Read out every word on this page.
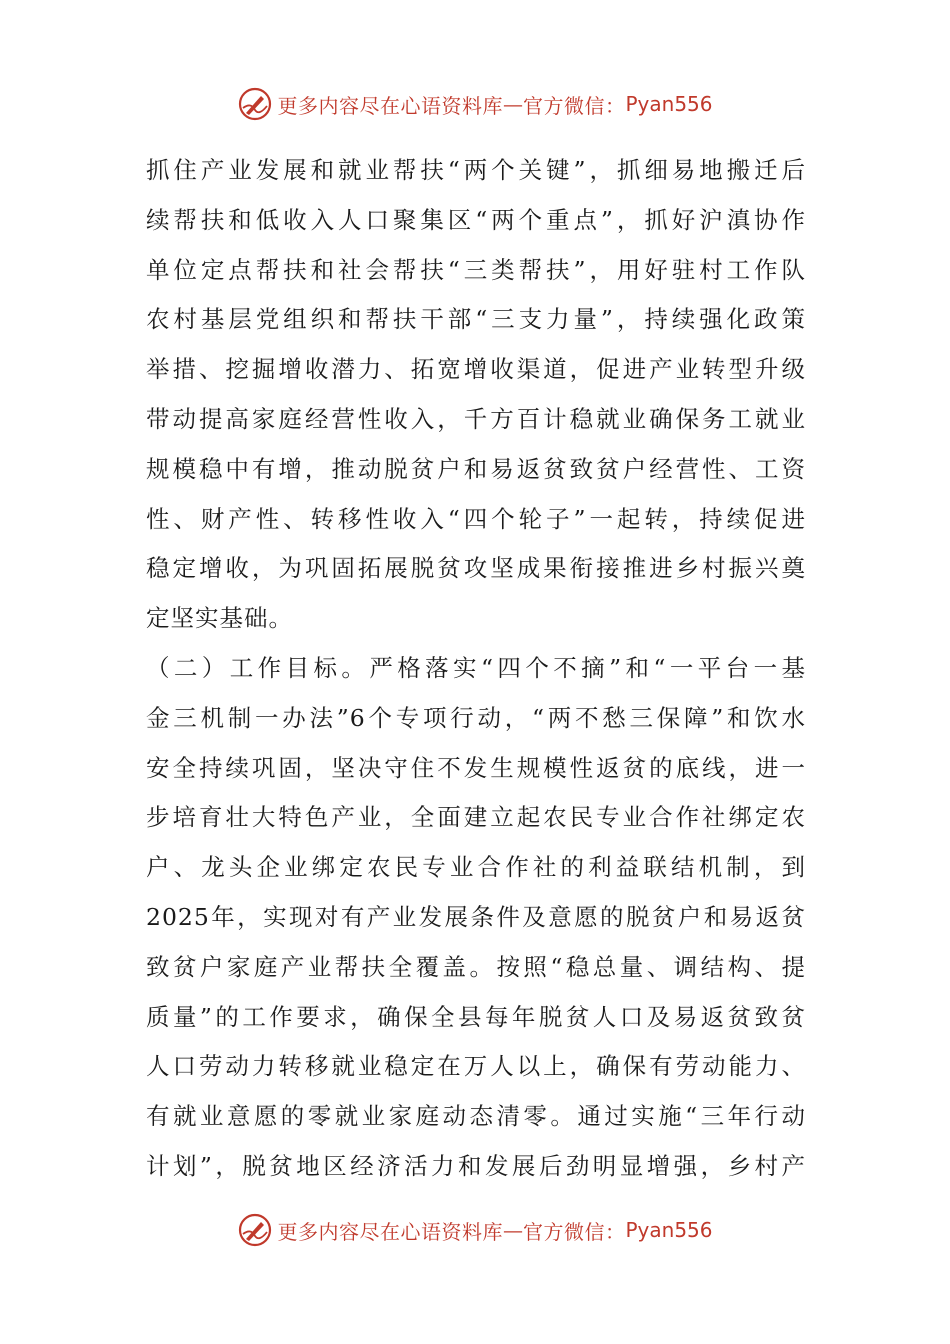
更多内容尽在心语资料库 — 官方微信： Pyan556
抓住产业发展和就业帮扶“两个关键”，抓细易地搬迁后
续帮扶和低收入人口聚集区“两个重点”，抓好沪滇协作
单位定点帮扶和社会帮扶“三类帮扶”，用好驻村工作队
农村基层党组织和帮扶干部“三支力量”，持续强化政策
举措、挖掘增收潜力、拓宽增收渠道，促进产业转型升级
带动提高家庭经营性收入，千方百计稳就业确保务工就业
规模稳中有增，推动脱贫户和易返贫致贫户经营性、工资
性、财产性、转移性收入“四个轮子”一起转，持续促进
稳定增收，为巩固拓展脱贫攻坚成果衔接推进乡村振兴奠
定坚实基础。
（二）工作目标。严格落实“四个不摘”和“一平台一基
金三机制一办法”6个专项行动，“两不愁三保障”和饮水
安全持续巩固，坚决守住不发生规模性返贫的底线，进一
步培育壮大特色产业，全面建立起农民专业合作社绑定农
户、龙头企业绑定农民专业合作社的利益联结机制，到
2025年，实现对有产业发展条件及意愿的脱贫户和易返贫
致贫户家庭产业帮扶全覆盖。按照“稳总量、调结构、提
质量”的工作要求，确保全县每年脱贫人口及易返贫致贫
人口劳动力转移就业稳定在万人以上，确保有劳动能力、
有就业意愿的零就业家庭动态清零。通过实施“三年行动
计划”，脱贫地区经济活力和发展后劲明显增强，乡村产
更多内容尽在心语资料库 — 官方微信： Pyan556
